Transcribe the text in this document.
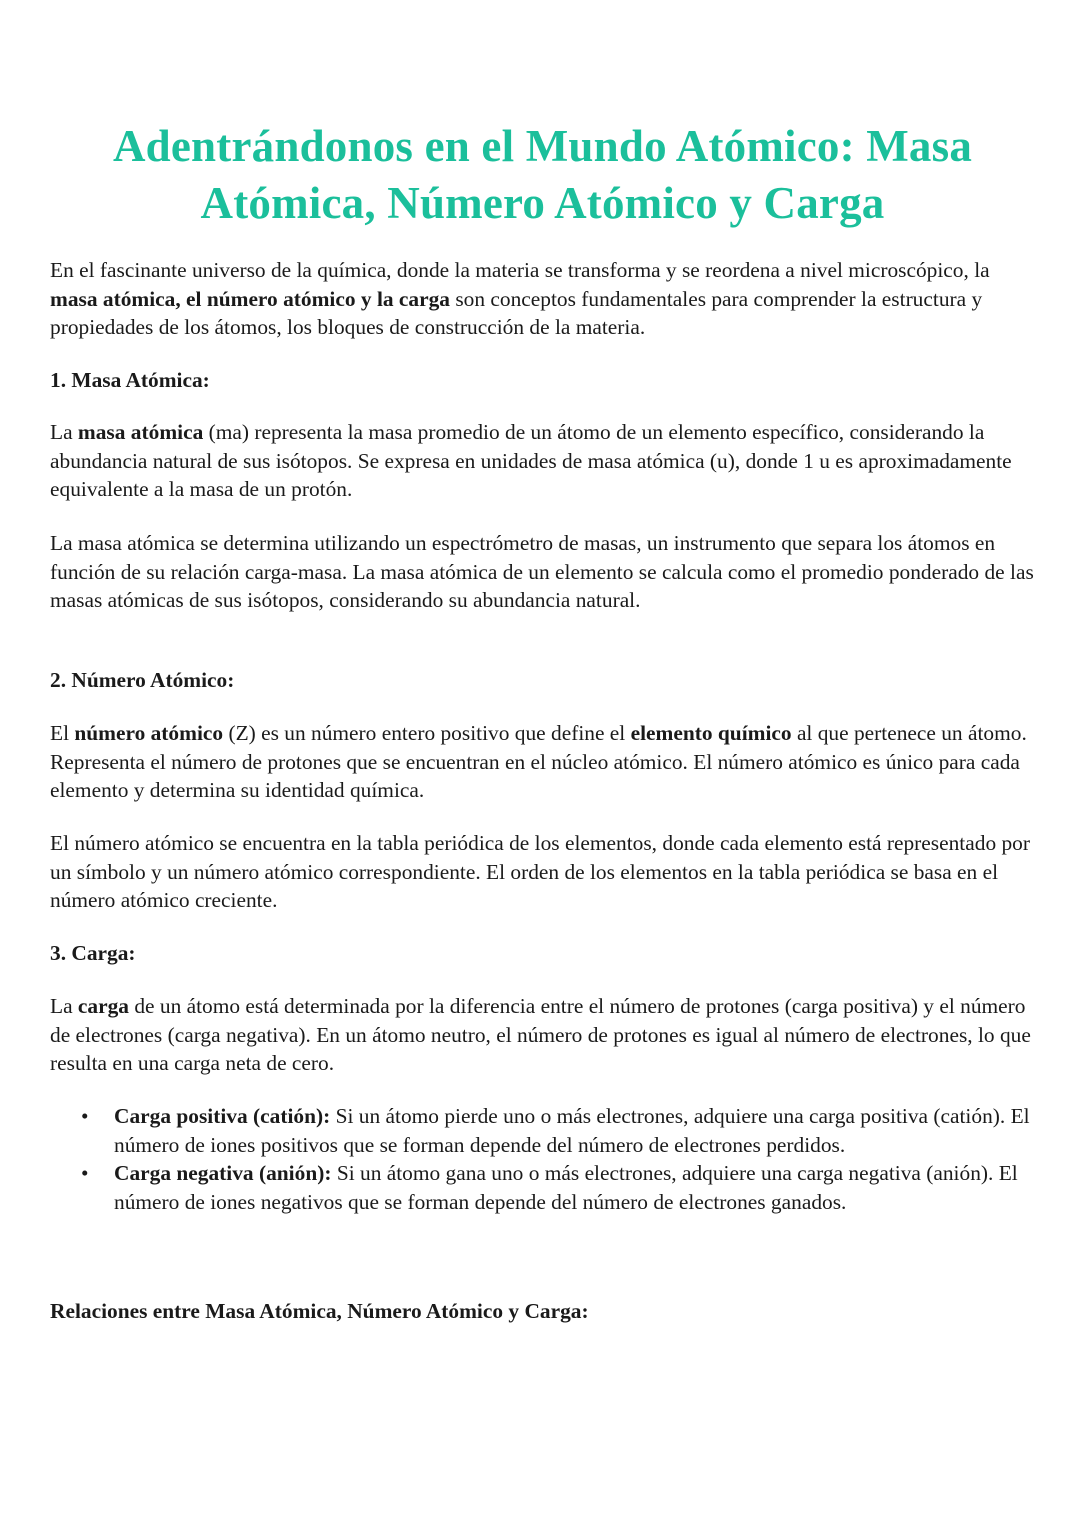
Adentrándonos en el Mundo Atómico: Masa Atómica, Número Atómico y Carga

En el fascinante universo de la química, donde la materia se transforma y se reordena a nivel microscópico, la masa atómica, el número atómico y la carga son conceptos fundamentales para comprender la estructura y propiedades de los átomos, los bloques de construcción de la materia.

1. Masa Atómica:

La masa atómica (ma) representa la masa promedio de un átomo de un elemento específico, considerando la abundancia natural de sus isótopos. Se expresa en unidades de masa atómica (u), donde 1 u es aproximadamente equivalente a la masa de un protón.

La masa atómica se determina utilizando un espectrómetro de masas, un instrumento que separa los átomos en función de su relación carga-masa. La masa atómica de un elemento se calcula como el promedio ponderado de las masas atómicas de sus isótopos, considerando su abundancia natural.

2. Número Atómico:

El número atómico (Z) es un número entero positivo que define el elemento químico al que pertenece un átomo. Representa el número de protones que se encuentran en el núcleo atómico. El número atómico es único para cada elemento y determina su identidad química.

El número atómico se encuentra en la tabla periódica de los elementos, donde cada elemento está representado por un símbolo y un número atómico correspondiente. El orden de los elementos en la tabla periódica se basa en el número atómico creciente.

3. Carga:

La carga de un átomo está determinada por la diferencia entre el número de protones (carga positiva) y el número de electrones (carga negativa). En un átomo neutro, el número de protones es igual al número de electrones, lo que resulta en una carga neta de cero.

• Carga positiva (catión): Si un átomo pierde uno o más electrones, adquiere una carga positiva (catión). El número de iones positivos que se forman depende del número de electrones perdidos.
• Carga negativa (anión): Si un átomo gana uno o más electrones, adquiere una carga negativa (anión). El número de iones negativos que se forman depende del número de electrones ganados.

Relaciones entre Masa Atómica, Número Atómico y Carga:
